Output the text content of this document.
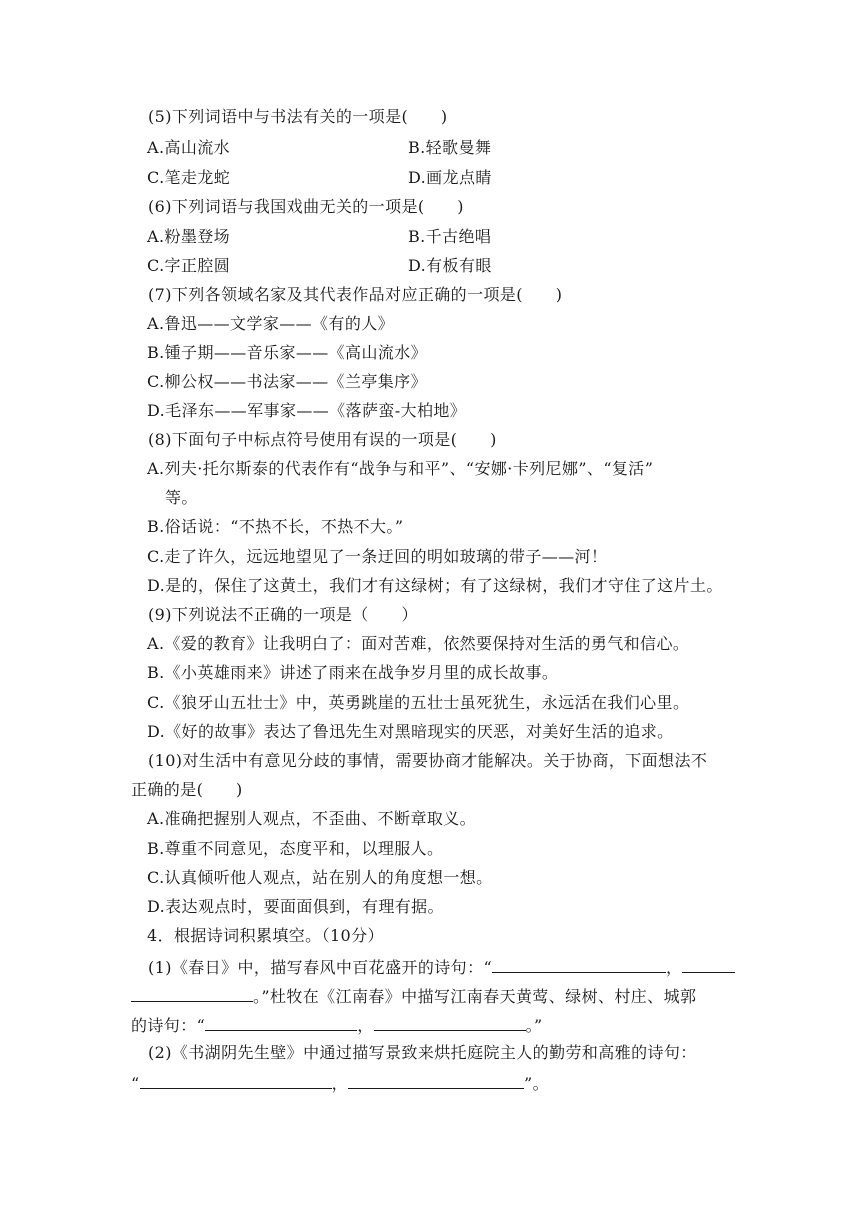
(5)下列词语中与书法有关的一项是(　　)
A.高山流水	B.轻歌曼舞
C.笔走龙蛇	D.画龙点睛
(6)下列词语与我国戏曲无关的一项是(　　)
A.粉墨登场	B.千古绝唱
C.字正腔圆	D.有板有眼
(7)下列各领域名家及其代表作品对应正确的一项是(　　)
A.鲁迅——文学家——《有的人》
B.锺子期——音乐家——《高山流水》
C.柳公权——书法家——《兰亭集序》
D.毛泽东——军事家——《落萨蛮-大柏地》
(8)下面句子中标点符号使用有误的一项是(　　)
A.列夫·托尔斯泰的代表作有“战争与和平”、“安娜·卡列尼娜”、“复活”
等。
B.俗话说：“不热不长，不热不大。”
C.走了许久，远远地望见了一条迂回的明如玻璃的带子——河！
D.是的，保住了这黄土，我们才有这绿树；有了这绿树，我们才守住了这片土。
(9)下列说法不正确的一项是（　　）
A.《爱的教育》让我明白了：面对苦难，依然要保持对生活的勇气和信心。
B.《小英雄雨来》讲述了雨来在战争岁月里的成长故事。
C.《狼牙山五壮士》中，英勇跳崖的五壮士虽死犹生，永远活在我们心里。
D.《好的故事》表达了鲁迅先生对黑暗现实的厌恶，对美好生活的追求。
(10)对生活中有意见分歧的事情，需要协商才能解决。关于协商，下面想法不
正确的是(　　)
A.准确把握别人观点，不歪曲、不断章取义。
B.尊重不同意见，态度平和，以理服人。
C.认真倾听他人观点，站在别人的角度想一想。
D.表达观点时，要面面俱到，有理有据。
4．根据诗词积累填空。（10分）
(1)《春日》中，描写春风中百花盛开的诗句：“	，
。”杜牧在《江南春》中描写江南春天黄莺、绿树、村庄、城郭
的诗句：“	，	。”
(2)《书湖阴先生壁》中通过描写景致来烘托庭院主人的勤劳和高雅的诗句：
“	，	”。
